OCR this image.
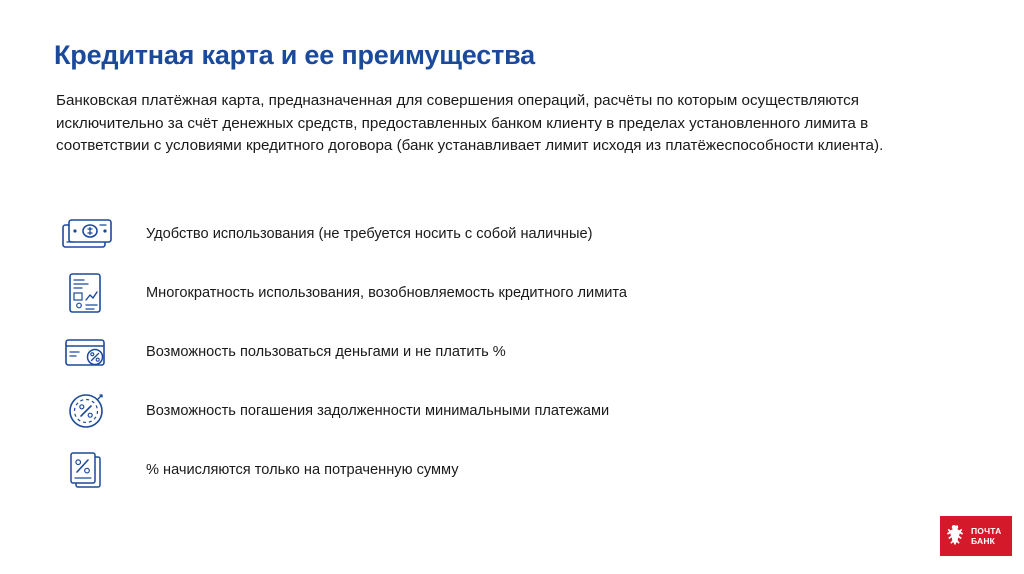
Кредитная карта и ее преимущества
Банковская платёжная карта, предназначенная для совершения операций, расчёты по которым осуществляются исключительно за счёт денежных средств, предоставленных банком клиенту в пределах установленного лимита в соответствии с условиями кредитного договора (банк устанавливает лимит исходя из платёжеспособности клиента).
Удобство использования (не требуется носить с собой наличные)
Многократность использования, возобновляемость кредитного лимита
Возможность пользоваться деньгами и не платить %
Возможность погашения задолженности минимальными платежами
% начисляются только на потраченную сумму
ПОЧТА
БАНК
